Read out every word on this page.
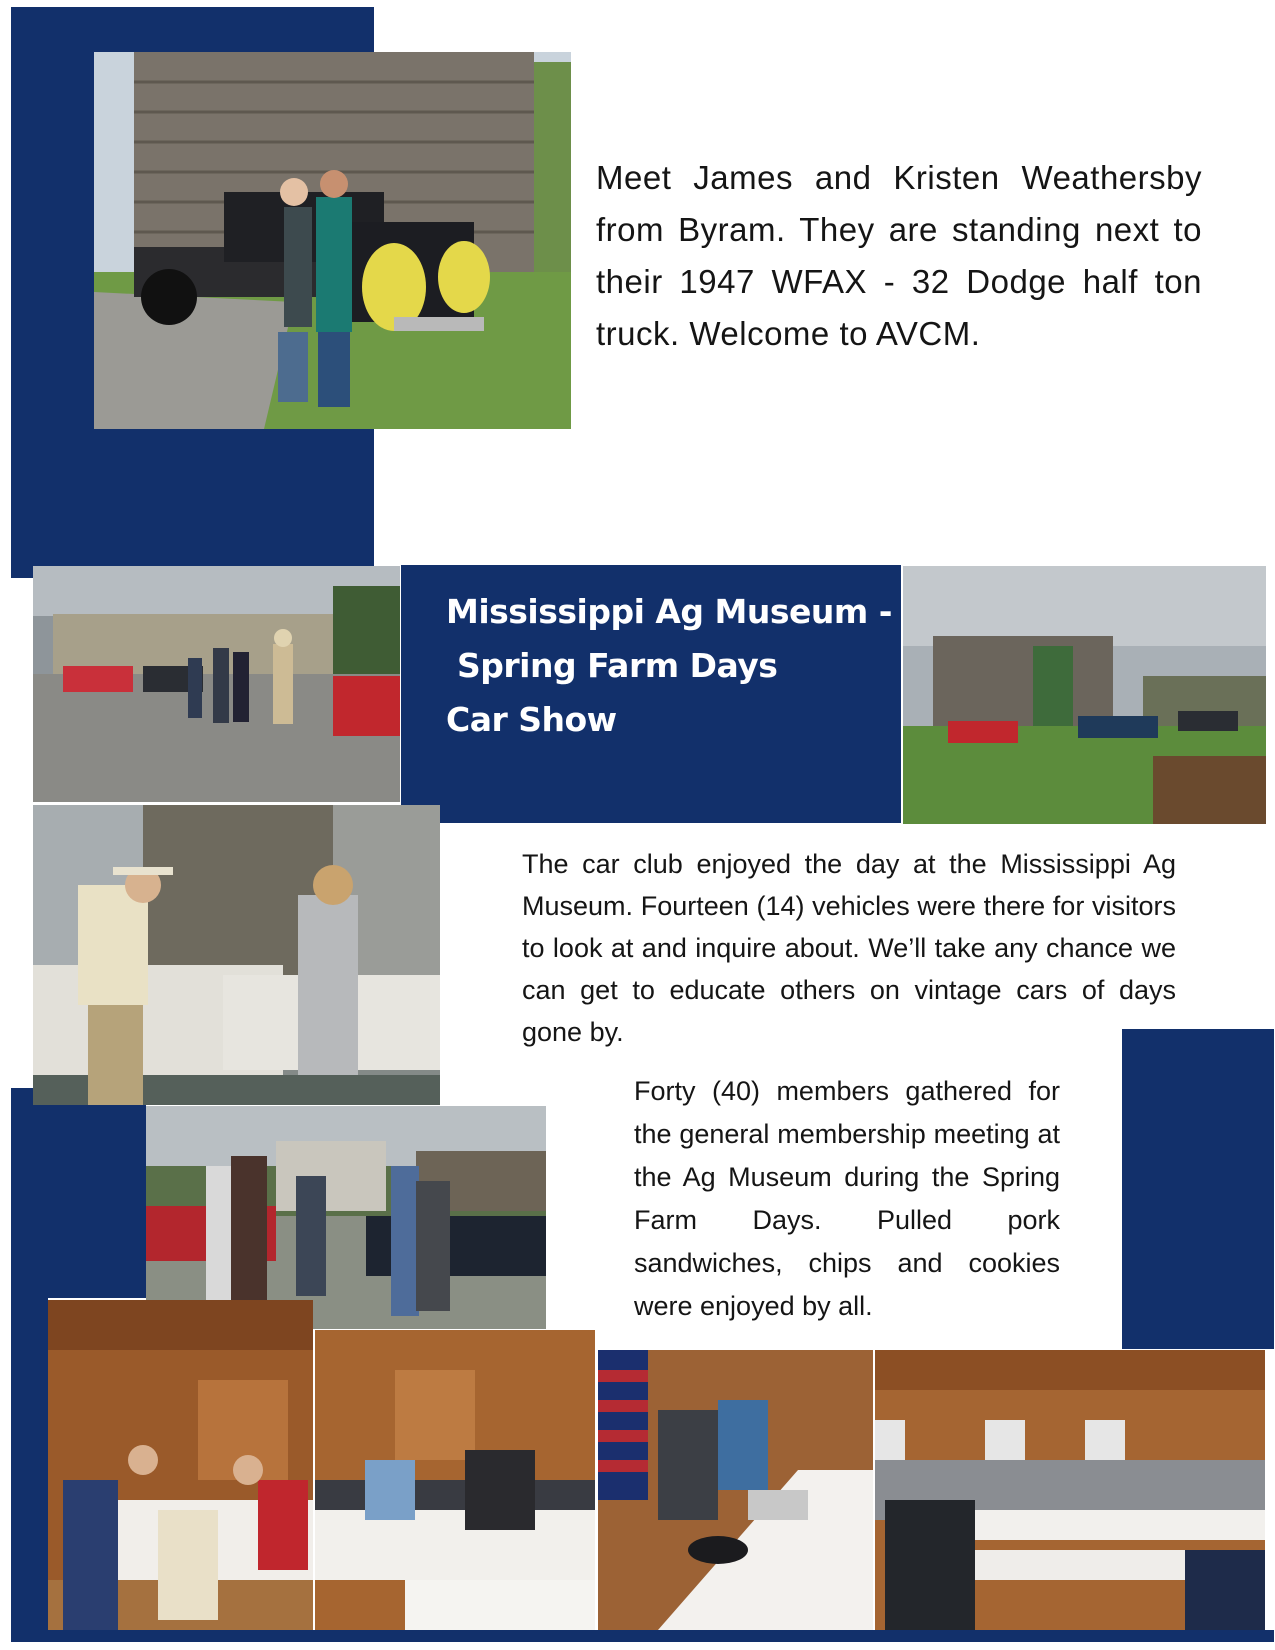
Meet James and Kristen Weathersby from Byram. They are standing next to their 1947 WFAX - 32 Dodge half ton truck. Welcome to AVCM.
Mississippi Ag Museum -
Spring Farm Days
Car Show
The car club enjoyed the day at the Mississippi Ag Museum. Fourteen (14) vehicles were there for visitors to look at and inquire about. We’ll take any chance we can get to educate others on vintage cars of days gone by.
Forty (40) members gathered for the general membership meeting at the Ag Museum during the Spring Farm Days. Pulled pork sandwiches, chips and cookies were enjoyed by all.
